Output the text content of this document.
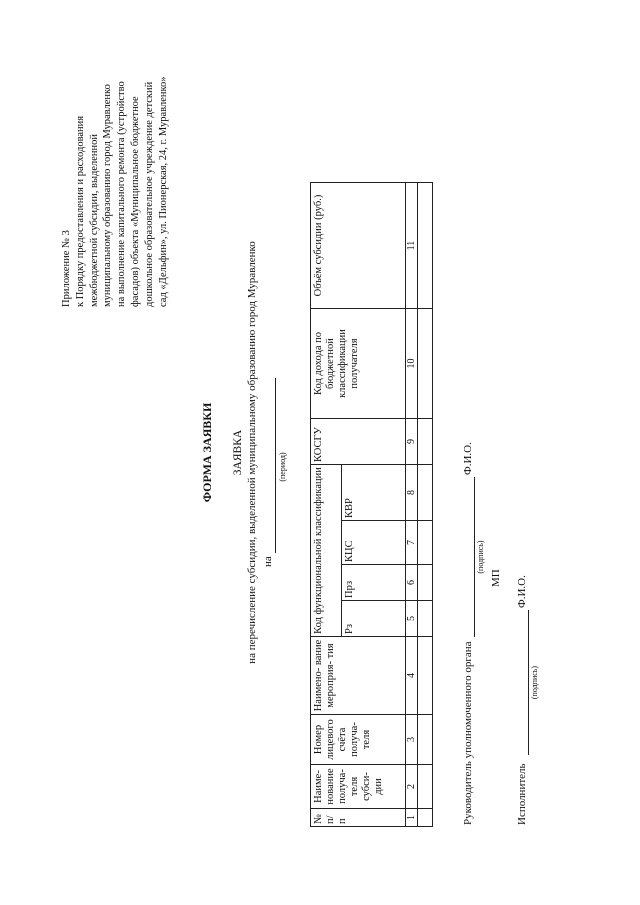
Приложение № 3 к Порядку предоставления и расходования межбюджетной субсидии, выделенной муниципальному образованию город Муравленко на выполнение капитального ремонта (устройство фасадов) объекта «Муниципальное бюджетное дошкольное образовательное учреждение детский сад «Дельфин», ул. Пионерская, 24, г. Муравленко»
ФОРМА ЗАЯВКИ ЗАЯВКА на перечисление субсидии, выделенной муниципальному образованию город Муравленко на
(период)
№ п/п	Наиме- нование получа- теля субси- дии	Номер лицевого счёта получа- теля	Наимено- вание мероприя- тия	Код функциональной классификации				КОСГУ	Код дохода по бюджетной классификации получателя	Объём субсидии (руб.)
				Рз	Прз	КЦС	КВР			
1	2	3	4	5	6	7	8	9	10	11

Руководитель уполномоченного органа
(подпись)
Ф.И.О.
МП
Исполнитель
(подпись)
Ф.И.О.
